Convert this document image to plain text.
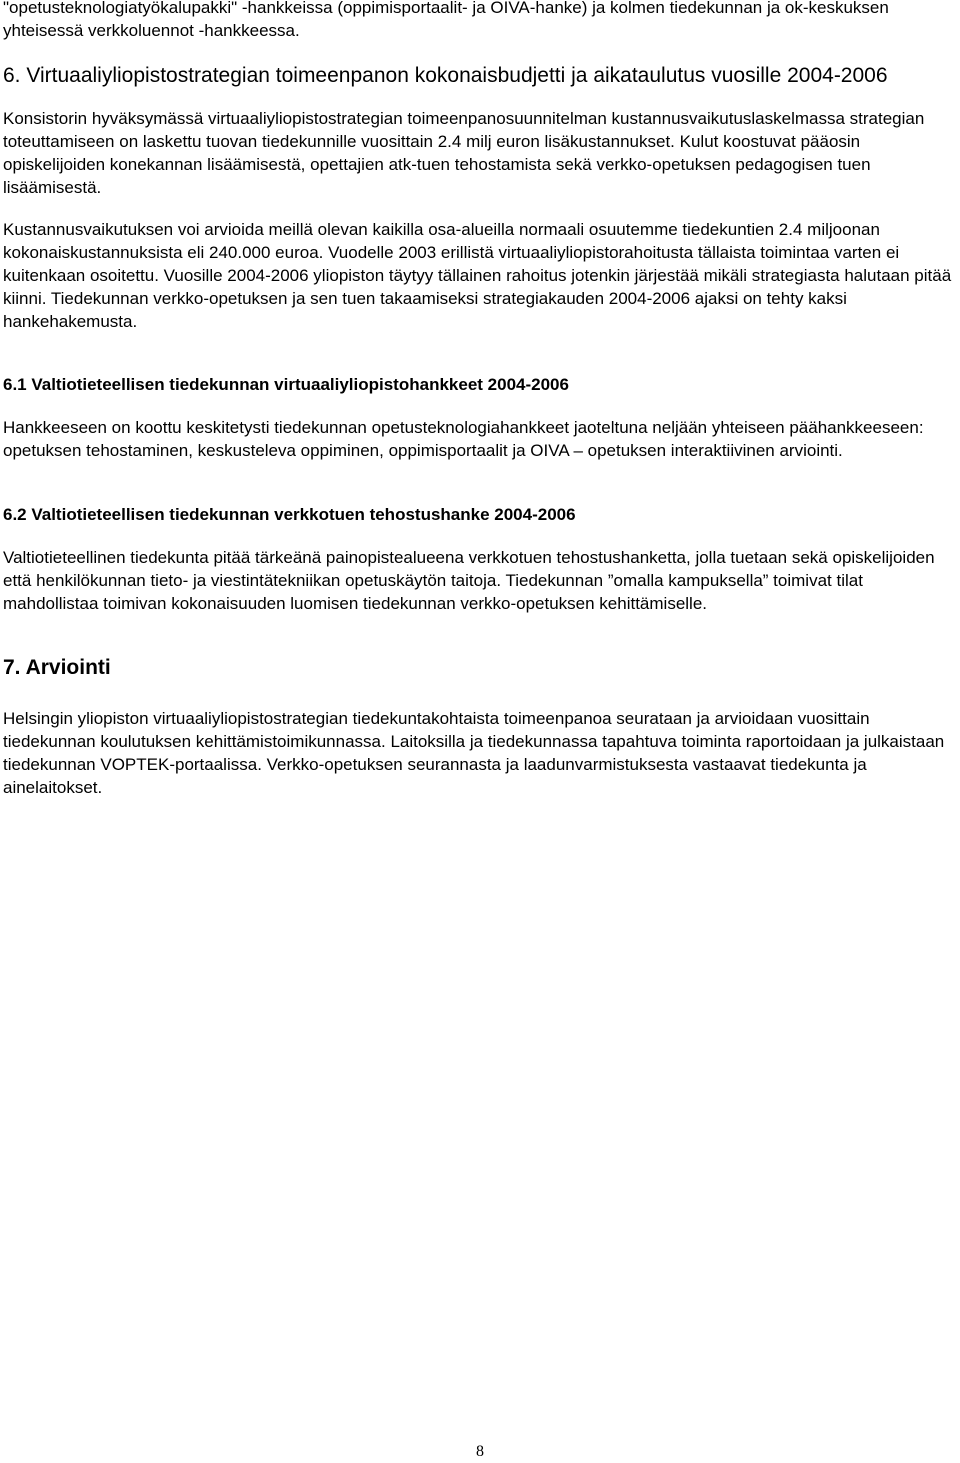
"opetusteknologiatyökalupakki" -hankkeissa (oppimisportaalit- ja OIVA-hanke) ja kolmen tiedekunnan ja ok-keskuksen yhteisessä verkkoluennot -hankkeessa.

6. Virtuaaliyliopistostrategian toimeenpanon kokonaisbudjetti ja aikataulutus vuosille 2004-2006

Konsistorin hyväksymässä virtuaaliyliopistostrategian toimeenpanosuunnitelman kustannusvaikutuslaskelmassa strategian toteuttamiseen on laskettu tuovan tiedekunnille vuosittain 2.4 milj euron lisäkustannukset. Kulut koostuvat pääosin opiskelijoiden konekannan lisäämisestä, opettajien atk-tuen tehostamista sekä verkko-opetuksen pedagogisen tuen lisäämisestä.

Kustannusvaikutuksen voi arvioida meillä olevan kaikilla osa-alueilla normaali osuutemme tiedekuntien 2.4 miljoonan kokonaiskustannuksista eli 240.000 euroa. Vuodelle 2003 erillistä virtuaaliyliopistorahoitusta tällaista toimintaa varten ei kuitenkaan osoitettu. Vuosille 2004-2006 yliopiston täytyy tällainen rahoitus jotenkin järjestää mikäli strategiasta halutaan pitää kiinni. Tiedekunnan verkko-opetuksen ja sen tuen takaamiseksi strategiakauden 2004-2006 ajaksi on tehty kaksi hankehakemusta.

6.1 Valtiotieteellisen tiedekunnan virtuaaliyliopistohankkeet 2004-2006

Hankkeeseen on koottu keskitetysti tiedekunnan opetusteknologiahankkeet jaoteltuna neljään yhteiseen päähankkeeseen: opetuksen tehostaminen, keskusteleva oppiminen, oppimisportaalit ja OIVA – opetuksen interaktiivinen arviointi.

6.2 Valtiotieteellisen tiedekunnan verkkotuen tehostushanke 2004-2006

Valtiotieteellinen tiedekunta pitää tärkeänä painopistealueena verkkotuen tehostushanketta, jolla tuetaan sekä opiskelijoiden että henkilökunnan tieto- ja viestintätekniikan opetuskäytön taitoja. Tiedekunnan ”omalla kampuksella” toimivat tilat mahdollistaa toimivan kokonaisuuden luomisen tiedekunnan verkko-opetuksen kehittämiselle.

7. Arviointi

Helsingin yliopiston virtuaaliyliopistostrategian tiedekuntakohtaista toimeenpanoa seurataan ja arvioidaan vuosittain tiedekunnan koulutuksen kehittämistoimikunnassa. Laitoksilla ja tiedekunnassa tapahtuva toiminta raportoidaan ja julkaistaan tiedekunnan VOPTEK-portaalissa. Verkko-opetuksen seurannasta ja laadunvarmistuksesta vastaavat tiedekunta ja ainelaitokset.

8
